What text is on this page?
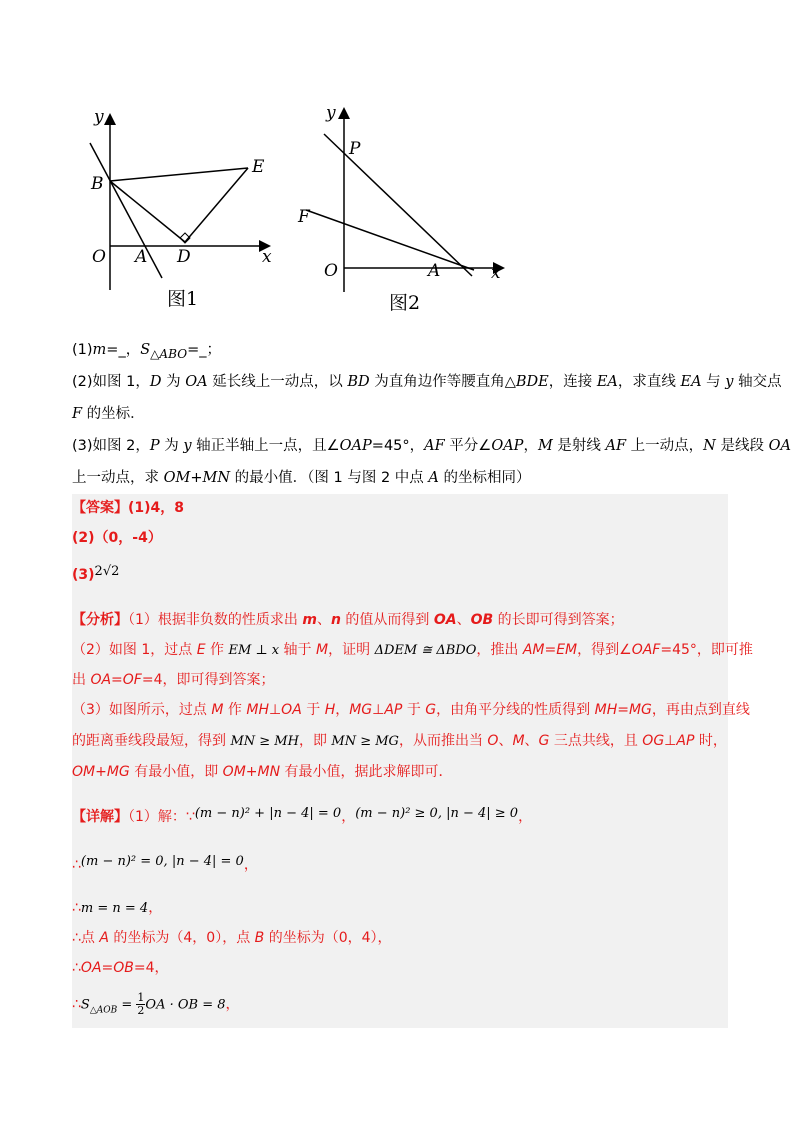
y
x
B
E
O A D
图1
y
x
P
F
O	A
图2
(1)m=_，$S_{\triangle ABO}=\_$；
(2)如图 1，D 为 OA 延长线上一动点，以 BD 为直角边作等腰直角△BDE，连接 EA，求直线 EA 与 y 轴交点
F 的坐标．
(3)如图 2，P 为 y 轴正半轴上一点，且∠OAP=45°，AF 平分∠OAP，M 是射线 AF 上一动点，N 是线段 OA
上一动点，求 OM+MN 的最小值．（图 1 与图 2 中点 A 的坐标相同）
【答案】(1)4，8
(2)（0，-4）
(3)2√2
【分析】（1）根据非负数的性质求出 m、n 的值从而得到 OA、OB 的长即可得到答案；
（2）如图 1，过点 E 作 EM ⊥ x 轴于 M，证明 ΔDEM ≅ ΔBDO，推出 AM=EM，得到∠OAF=45°，即可推
出 OA=OF=4，即可得到答案；
（3）如图所示，过点 M 作 MH⊥OA 于 H，MG⊥AP 于 G，由角平分线的性质得到 MH=MG，再由点到直线
的距离垂线段最短，得到 MN ≥ MH，即 MN ≥ MG，从而推出当 O、M、G 三点共线，且 OG⊥AP 时，
OM+MG 有最小值，即 OM+MN 有最小值，据此求解即可．
【详解】（1）解：∵(m − n)² + |n − 4| = 0，(m − n)² ≥ 0, |n − 4| ≥ 0，
∴(m − n)² = 0, |n − 4| = 0，
∴m = n = 4，
∴点 A 的坐标为（4，0），点 B 的坐标为（0，4），
∴OA=OB=4，
$\therefore S_{\triangle AOB} = \frac{1}{2}$ OA · OB = 8，
